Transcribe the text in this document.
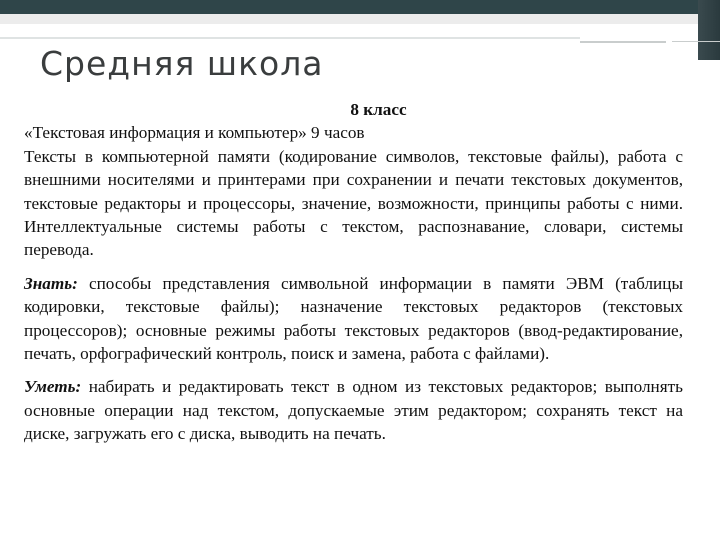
Средняя школа

8 класс

«Текстовая информация и компьютер» 9 часов

Тексты в компьютерной памяти (кодирование символов, текстовые файлы), работа с внешними носителями и принтерами при сохранении и печати текстовых документов, текстовые редакторы и процессоры, значение, возможности, принципы работы с ними. Интеллектуальные системы работы с текстом, распознавание, словари, системы перевода.

Знать: способы представления символьной информации в памяти ЭВМ (таблицы кодировки, текстовые файлы); назначение текстовых редакторов (текстовых процессоров); основные режимы работы текстовых редакторов (ввод-редактирование, печать, орфографический контроль, поиск и замена, работа с файлами).

Уметь: набирать и редактировать текст в одном из текстовых редакторов; выполнять основные операции над текстом, допускаемые этим редактором; сохранять текст на диске, загружать его с диска, выводить на печать.
